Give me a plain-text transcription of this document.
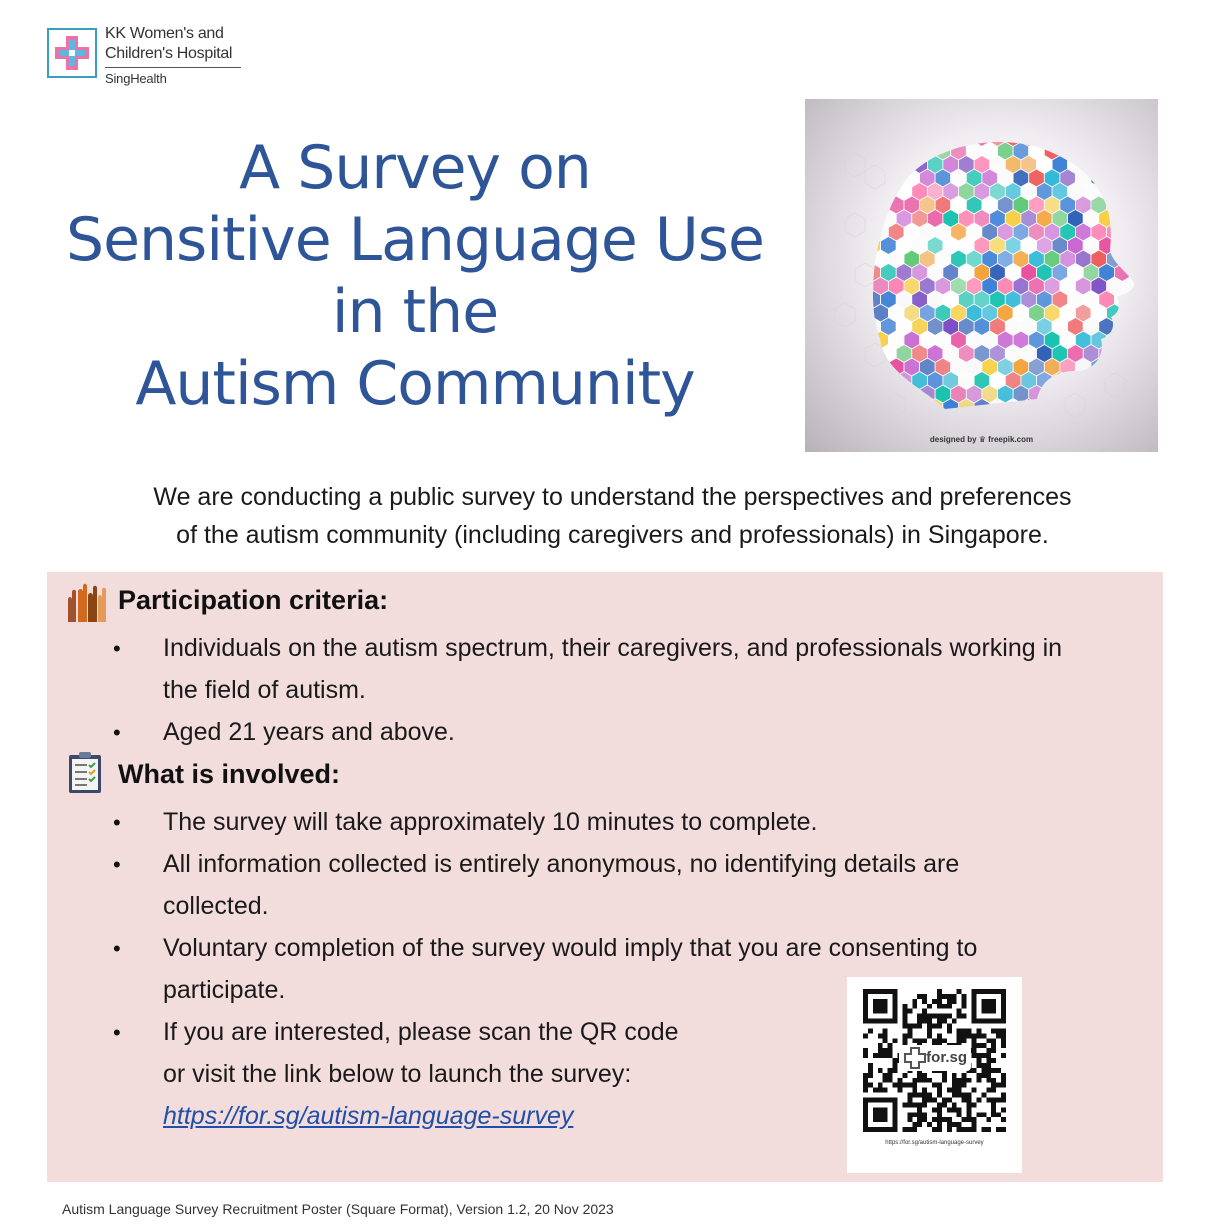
KK Women's and
Children's Hospital
SingHealth
A Survey on
Sensitive Language Use
in the
Autism Community
designed by ♛ freepik.com
We are conducting a public survey to understand the perspectives and preferences
of the autism community (including caregivers and professionals) in Singapore.
Participation criteria:
• Individuals on the autism spectrum, their caregivers, and professionals working in
the field of autism.
• Aged 21 years and above.
What is involved:
• The survey will take approximately 10 minutes to complete.
• All information collected is entirely anonymous, no identifying details are
collected.
• Voluntary completion of the survey would imply that you are consenting to
participate.
• If you are interested, please scan the QR code
or visit the link below to launch the survey:
https://for.sg/autism-language-survey
for.sg
https://for.sg/autism-language-survey
Autism Language Survey Recruitment Poster (Square Format), Version 1.2, 20 Nov 2023
